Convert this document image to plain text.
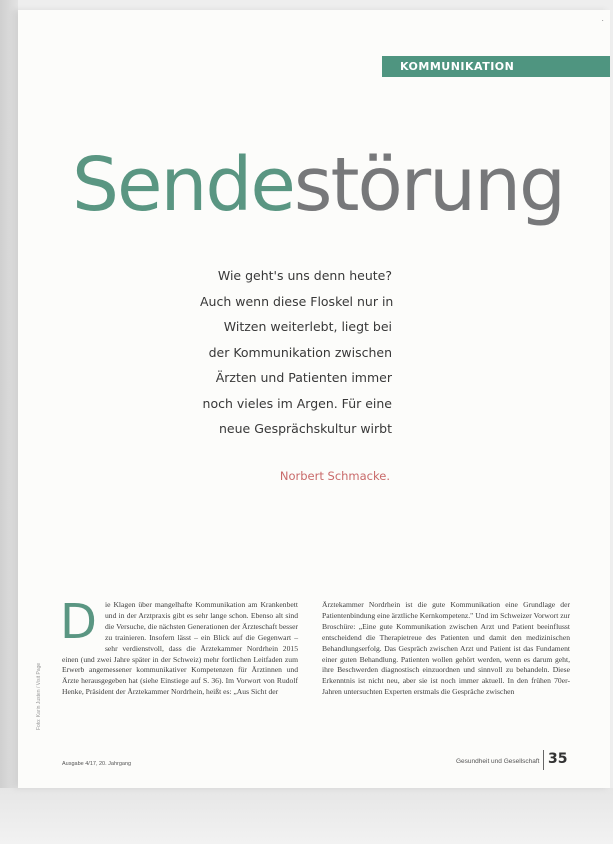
·
KOMMUNIKATION
Sendestörung
Wie geht's uns denn heute?
Auch wenn diese Floskel nur in
Witzen weiterlebt, liegt bei
der Kommunikation zwischen
Ärzten und Patienten immer
noch vieles im Argen. Für eine
neue Gesprächskultur wirbt
Norbert Schmacke.
D ie Klagen über mangelhafte Kommunikation am Krankenbett und in der Arztpraxis gibt es sehr lange schon. Ebenso alt sind die Versuche, die nächsten Generationen der Ärzteschaft besser zu trainieren. Insofern lässt – ein Blick auf die Gegenwart – sehr verdienstvoll, dass die Ärztekammer Nordrhein 2015 einen (und zwei Jahre später in der Schweiz) mehr fortlichen Leitfaden zum Erwerb angemessener kommunikativer Kompetenzen für Ärztinnen und Ärzte herausgegeben hat (siehe Einstiege auf S. 36). Im Vorwort von Rudolf Henke, Präsident der Ärztekammer Nordrhein, heißt es: „Aus Sicht der
Ärztekammer Nordrhein ist die gute Kommunikation eine Grundlage der Patientenbindung eine ärztliche Kernkompetenz." Und im Schweizer Vorwort zur Broschüre: „Eine gute Kommunikation zwischen Arzt und Patient beeinflusst entscheidend die Therapietreue des Patienten und damit den medizinischen Behandlungserfolg. Das Gespräch zwischen Arzt und Patient ist das Fundament einer guten Behandlung. Patienten wollen gehört werden, wenn es darum geht, ihre Beschwerden diagnostisch einzuordnen und sinnvoll zu behandeln. Diese Erkenntnis ist nicht neu, aber sie ist noch immer aktuell. In den frühen 70er-Jahren untersuchten Experten erstmals die Gespräche zwischen
Foto: Karin Justen / Visit Page
Ausgabe 4/17, 20. Jahrgang	Gesundheit und Gesellschaft 35
